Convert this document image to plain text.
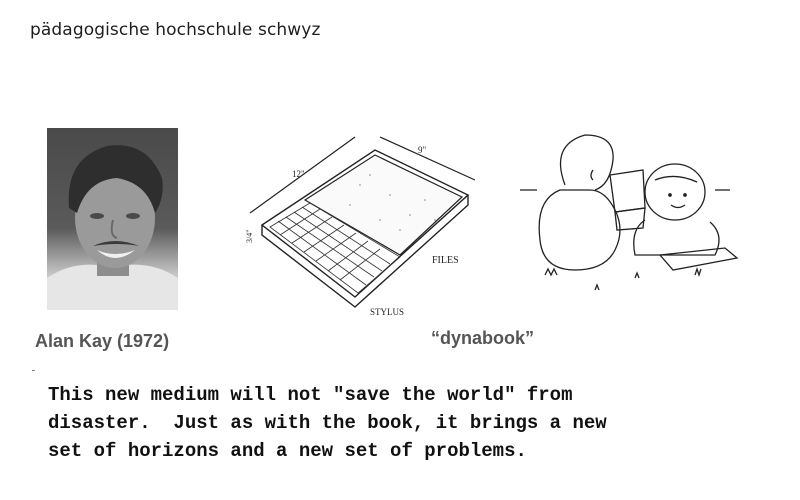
pädagogische hochschule schwyz
Alan Kay (1972)
12"
9"
3/4"
FILES
STYLUS
“dynabook”
This new medium will not "save the world" from
disaster.  Just as with the book, it brings a new
set of horizons and a new set of problems.
